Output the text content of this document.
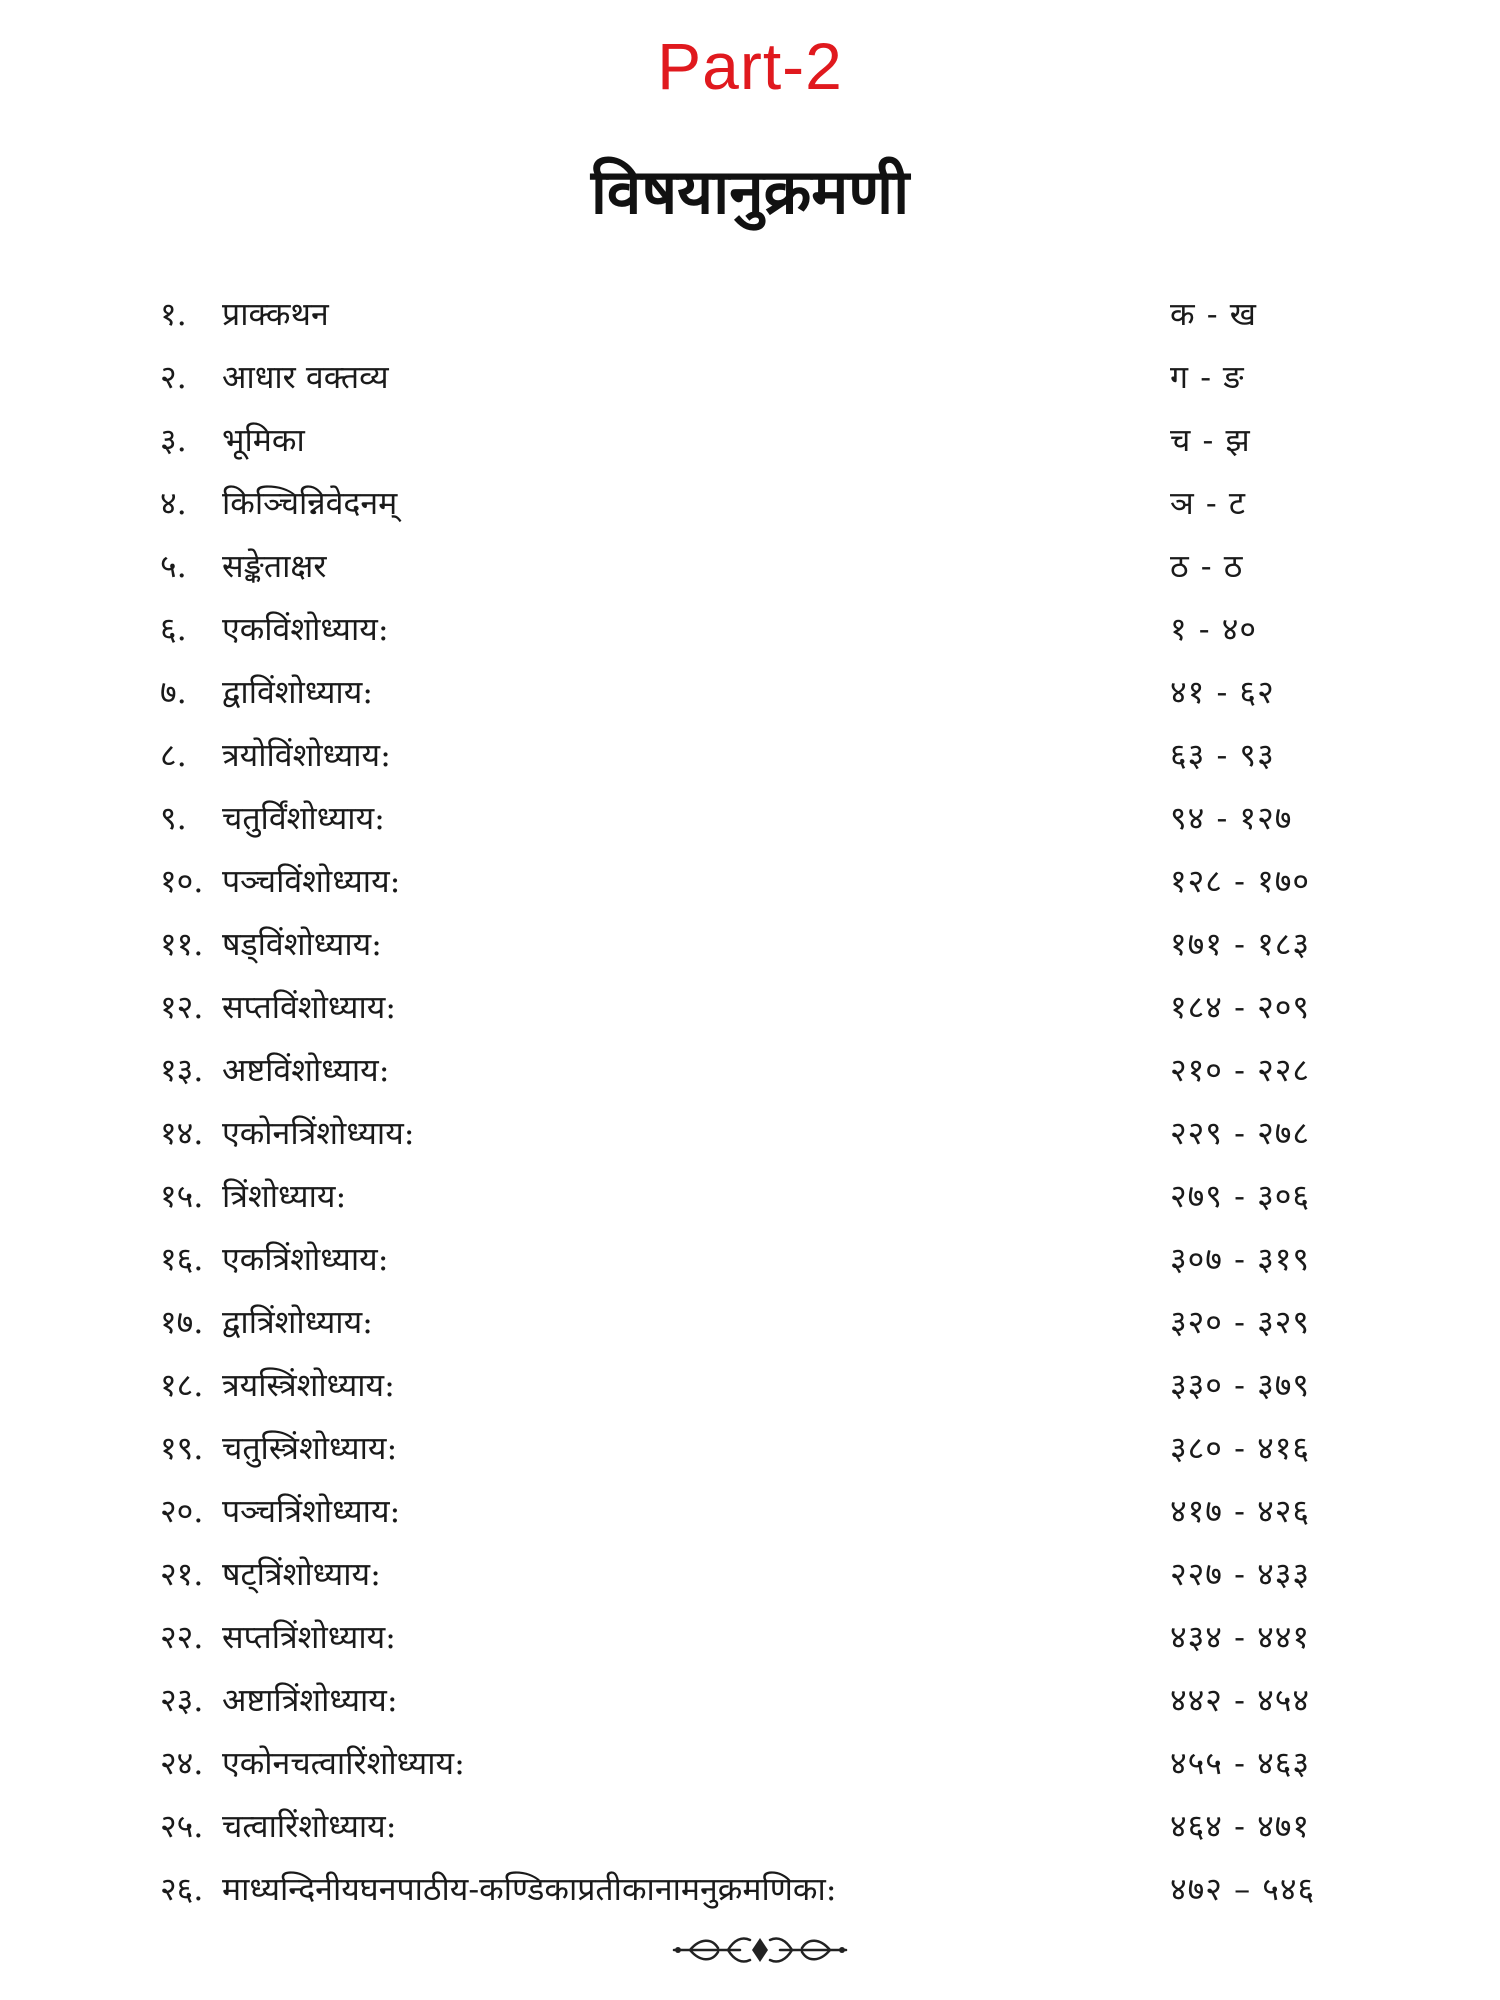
Part-2
विषयानुक्रमणी
१.	प्राक्कथन	क - ख
२.	आधार वक्तव्य	ग - ङ
३.	भूमिका	च - झ
४.	किञ्चिन्निवेदनम्	ञ - ट
५.	सङ्केताक्षर	ठ - ठ
६.	एकविंशोध्याय:	१ - ४०
७.	द्वाविंशोध्याय:	४१ - ६२
८.	त्रयोविंशोध्याय:	६३ - ९३
९.	चतुर्विंशोध्याय:	९४ - १२७
१०. पञ्चविंशोध्याय:	१२८ - १७०
११. षड्विंशोध्याय:	१७१ - १८३
१२. सप्तविंशोध्याय:	१८४ - २०९
१३. अष्टविंशोध्याय:	२१० - २२८
१४. एकोनत्रिंशोध्याय:	२२९ - २७८
१५. त्रिंशोध्याय:	२७९ - ३०६
१६. एकत्रिंशोध्याय:	३०७ - ३१९
१७. द्वात्रिंशोध्याय:	३२० - ३२९
१८. त्रयस्त्रिंशोध्याय:	३३० - ३७९
१९. चतुस्त्रिंशोध्याय:	३८० - ४१६
२०. पञ्चत्रिंशोध्याय:	४१७ - ४२६
२१. षट्त्रिंशोध्याय:	२२७ - ४३३
२२. सप्तत्रिंशोध्याय:	४३४ - ४४१
२३. अष्टात्रिंशोध्याय:	४४२ - ४५४
२४. एकोनचत्वारिंशोध्याय:	४५५ - ४६३
२५. चत्वारिंशोध्याय:	४६४ - ४७१
२६. माध्यन्दिनीयघनपाठीय-कण्डिकाप्रतीकानामनुक्रमणिका:	४७२ – ५४६
